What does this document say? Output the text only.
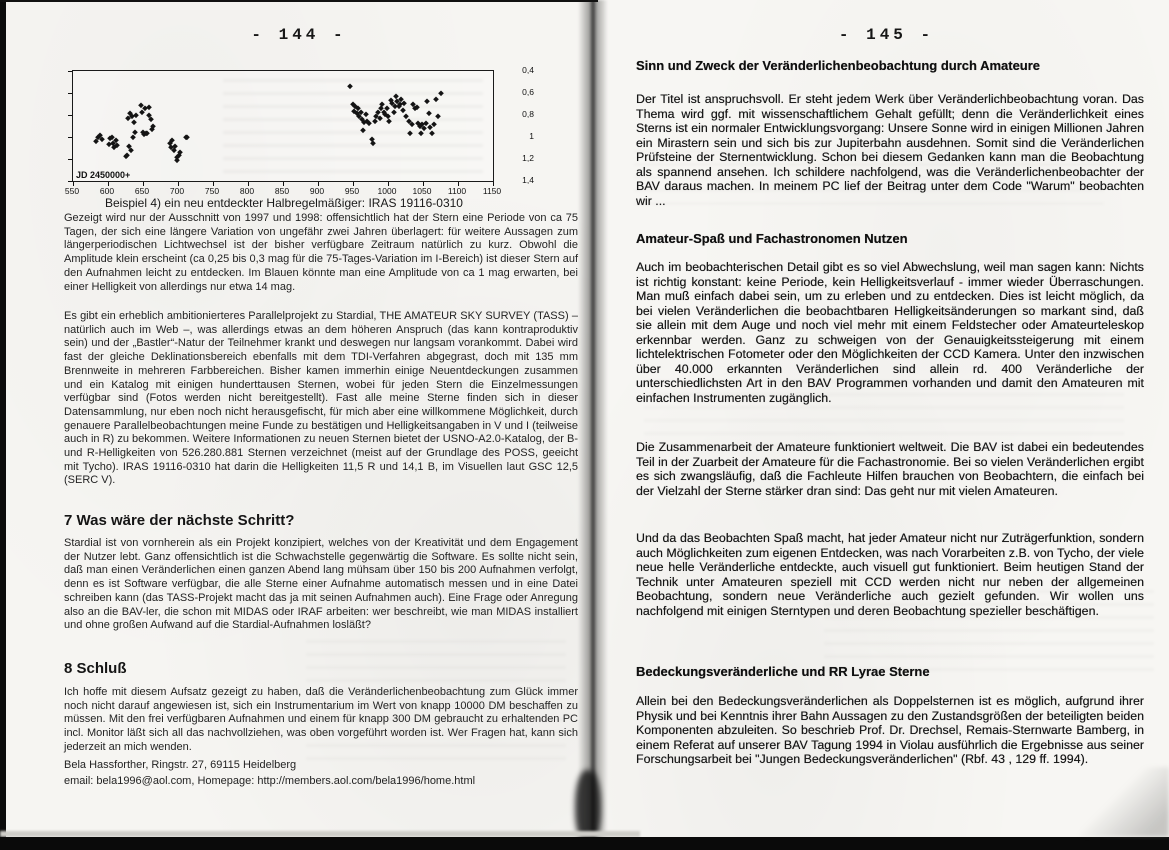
- 144 -
JD 2450000+
0,4
0,6
0,8
1
1,2
1,4
550	600	650	700	750	800	850	900	950	1000	1050	1100	1150
Beispiel 4) ein neu entdeckter Halbregelmäßiger: IRAS 19116-0310
Gezeigt wird nur der Ausschnitt von 1997 und 1998: offensichtlich hat der Stern eine Periode von ca 75 Tagen, der sich eine längere Variation von ungefähr zwei Jahren überlagert: für weitere Aussagen zum längerperiodischen Lichtwechsel ist der bisher verfügbare Zeitraum natürlich zu kurz. Obwohl die Amplitude klein erscheint (ca 0,25 bis 0,3 mag für die 75-Tages-Variation im I-Bereich) ist dieser Stern auf den Aufnahmen leicht zu entdecken. Im Blauen könnte man eine Amplitude von ca 1 mag erwarten, bei einer Helligkeit von allerdings nur etwa 14 mag.
Es gibt ein erheblich ambitionierteres Parallelprojekt zu Stardial, THE AMATEUR SKY SURVEY (TASS) – natürlich auch im Web –, was allerdings etwas an dem höheren Anspruch (das kann kontraproduktiv sein) und der „Bastler“-Natur der Teilnehmer krankt und deswegen nur langsam vorankommt. Dabei wird fast der gleiche Deklinationsbereich ebenfalls mit dem TDI-Verfahren abgegrast, doch mit 135 mm Brennweite in mehreren Farbbereichen. Bisher kamen immerhin einige Neuentdeckungen zusammen und ein Katalog mit einigen hunderttausen Sternen, wobei für jeden Stern die Einzelmessungen verfügbar sind (Fotos werden nicht bereitgestellt). Fast alle meine Sterne finden sich in dieser Datensammlung, nur eben noch nicht herausgefischt, für mich aber eine willkommene Möglichkeit, durch genauere Parallelbeobachtungen meine Funde zu bestätigen und Helligkeitsangaben in V und I (teilweise auch in R) zu bekommen. Weitere Informationen zu neuen Sternen bietet der USNO-A2.0-Katalog, der B- und R-Helligkeiten von 526.280.881 Sternen verzeichnet (meist auf der Grundlage des POSS, geeicht mit Tycho). IRAS 19116-0310 hat darin die Helligkeiten 11,5 R und 14,1 B, im Visuellen laut GSC 12,5 (SERC V).
7 Was wäre der nächste Schritt?
Stardial ist von vornherein als ein Projekt konzipiert, welches von der Kreativität und dem Engagement der Nutzer lebt. Ganz offensichtlich ist die Schwachstelle gegenwärtig die Software. Es sollte nicht sein, daß man einen Veränderlichen einen ganzen Abend lang mühsam über 150 bis 200 Aufnahmen verfolgt, denn es ist Software verfügbar, die alle Sterne einer Aufnahme automatisch messen und in eine Datei schreiben kann (das TASS-Projekt macht das ja mit seinen Aufnahmen auch). Eine Frage oder Anregung also an die BAV-ler, die schon mit MIDAS oder IRAF arbeiten: wer beschreibt, wie man MIDAS installiert und ohne großen Aufwand auf die Stardial-Aufnahmen losläßt?
8 Schluß
Ich hoffe mit diesem Aufsatz gezeigt zu haben, daß die Veränderlichenbeobachtung zum Glück immer noch nicht darauf angewiesen ist, sich ein Instrumentarium im Wert von knapp 10000 DM beschaffen zu müssen. Mit den frei verfügbaren Aufnahmen und einem für knapp 300 DM gebraucht zu erhaltenden PC incl. Monitor läßt sich all das nachvollziehen, was oben vorgeführt worden ist. Wer Fragen hat, kann sich jederzeit an mich wenden.
Bela Hassforther, Ringstr. 27, 69115 Heidelberg
email: bela1996@aol.com, Homepage: http://members.aol.com/bela1996/home.html
- 145 -
Sinn und Zweck der Veränderlichenbeobachtung durch Amateure
Der Titel ist anspruchsvoll. Er steht jedem Werk über Veränderlichbeobachtung voran. Das Thema wird ggf. mit wissenschaftlichem Gehalt gefüllt; denn die Veränderlichkeit eines Sterns ist ein normaler Entwicklungsvorgang: Unsere Sonne wird in einigen Millionen Jahren ein Mirastern sein und sich bis zur Jupiterbahn ausdehnen. Somit sind die Veränderlichen Prüfsteine der Sternentwicklung. Schon bei diesem Gedanken kann man die Beobachtung als spannend ansehen. Ich schildere nachfolgend, was die Veränderlichenbeobachter der BAV daraus machen. In meinem PC lief der Beitrag unter dem Code "Warum" beobachten wir ...
Amateur-Spaß und Fachastronomen Nutzen
Auch im beobachterischen Detail gibt es so viel Abwechslung, weil man sagen kann: Nichts ist richtig konstant: keine Periode, kein Helligkeitsverlauf - immer wieder Überraschungen. Man muß einfach dabei sein, um zu erleben und zu entdecken. Dies ist leicht möglich, da bei vielen Veränderlichen die beobachtbaren Helligkeitsänderungen so markant sind, daß sie allein mit dem Auge und noch viel mehr mit einem Feldstecher oder Amateurteleskop erkennbar werden. Ganz zu schweigen von der Genauigkeitssteigerung mit einem lichtelektrischen Fotometer oder den Möglichkeiten der CCD Kamera. Unter den inzwischen über 40.000 erkannten Veränderlichen sind allein rd. 400 Veränderliche der unterschiedlichsten Art in den BAV Programmen vorhanden und damit den Amateuren mit einfachen Instrumenten zugänglich.
Die Zusammenarbeit der Amateure funktioniert weltweit. Die BAV ist dabei ein bedeutendes Teil in der Zuarbeit der Amateure für die Fachastronomie. Bei so vielen Veränderlichen ergibt es sich zwangsläufig, daß die Fachleute Hilfen brauchen von Beobachtern, die einfach bei der Vielzahl der Sterne stärker dran sind: Das geht nur mit vielen Amateuren.
Und da das Beobachten Spaß macht, hat jeder Amateur nicht nur Zuträgerfunktion, sondern auch Möglichkeiten zum eigenen Entdecken, was nach Vorarbeiten z.B. von Tycho, der viele neue helle Veränderliche entdeckte, auch visuell gut funktioniert. Beim heutigen Stand der Technik unter Amateuren speziell mit CCD werden nicht nur neben der allgemeinen Beobachtung, sondern neue Veränderliche auch gezielt gefunden. Wir wollen uns nachfolgend mit einigen Sterntypen und deren Beobachtung spezieller beschäftigen.
Bedeckungsveränderliche und RR Lyrae Sterne
Allein bei den Bedeckungsveränderlichen als Doppelsternen ist es möglich, aufgrund ihrer Physik und bei Kenntnis ihrer Bahn Aussagen zu den Zustandsgrößen der beteiligten beiden Komponenten abzuleiten. So beschrieb Prof. Dr. Drechsel, Remais-Sternwarte Bamberg, in einem Referat auf unserer BAV Tagung 1994 in Violau ausführlich die Ergebnisse aus seiner Forschungsarbeit bei "Jungen Bedeckungsveränderlichen" (Rbf. 43 , 129 ff. 1994).
